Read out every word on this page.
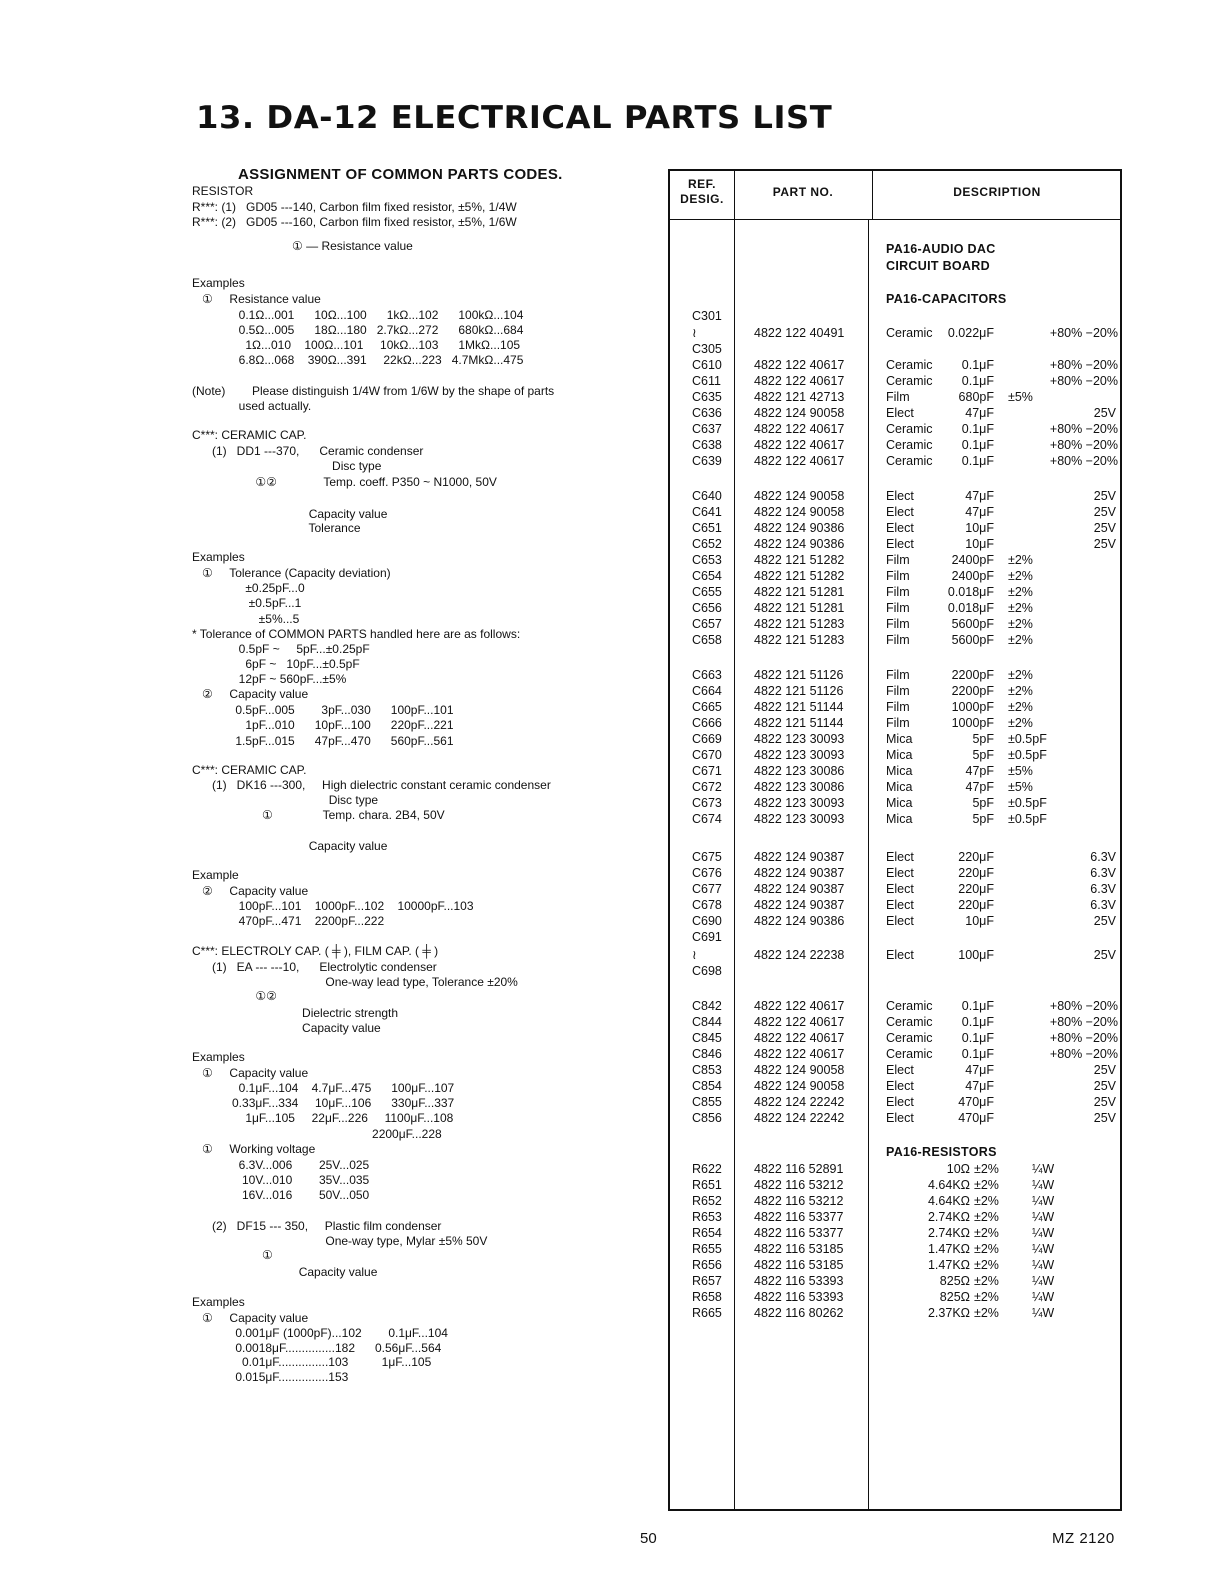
13. DA-12 ELECTRICAL PARTS LIST
ASSIGNMENT OF COMMON PARTS CODES.
RESISTOR
R***: (1)   GD05 ---140, Carbon film fixed resistor, ±5%, 1/4W
R***: (2)   GD05 ---160, Carbon film fixed resistor, ±5%, 1/6W
① — Resistance value
Examples
①     Resistance value
0.1Ω...001      10Ω...100      1kΩ...102      100kΩ...104
0.5Ω...005      18Ω...180   2.7kΩ...272      680kΩ...684
1Ω...010    100Ω...101     10kΩ...103      1MkΩ...105
6.8Ω...068    390Ω...391     22kΩ...223   4.7MkΩ...475
(Note)        Please distinguish 1/4W from 1/6W by the shape of parts
used actually.
C***: CERAMIC CAP.
(1)   DD1 ---370,      Ceramic condenser
Disc type
①②              Temp. coeff. P350 ~ N1000, 50V
Capacity value
Tolerance
Examples
①     Tolerance (Capacity deviation)
±0.25pF...0
±0.5pF...1
±5%...5
* Tolerance of COMMON PARTS handled here are as follows:
0.5pF ~     5pF...±0.25pF
6pF ~   10pF...±0.5pF
12pF ~ 560pF...±5%
②     Capacity value
0.5pF...005        3pF...030      100pF...101
1pF...010      10pF...100      220pF...221
1.5pF...015      47pF...470      560pF...561
C***: CERAMIC CAP.
(1)   DK16 ---300,     High dielectric constant ceramic condenser
Disc type
①               Temp. chara. 2B4, 50V
Capacity value
Example
②     Capacity value
100pF...101    1000pF...102    10000pF...103
470pF...471    2200pF...222
C***: ELECTROLY CAP. ( ╪ ), FILM CAP. ( ╪ )
(1)   EA --- ---10,      Electrolytic condenser
One-way lead type, Tolerance ±20%
①②
Dielectric strength
Capacity value
Examples
①     Capacity value
0.1μF...104    4.7μF...475      100μF...107
0.33μF...334     10μF...106      330μF...337
1μF...105     22μF...226     1100μF...108
2200μF...228
①     Working voltage
6.3V...006        25V...025
10V...010        35V...035
16V...016        50V...050
(2)   DF15 --- 350,     Plastic film condenser
One-way type, Mylar ±5% 50V
①
Capacity value
Examples
①     Capacity value
0.001μF (1000pF)...102        0.1μF...104
0.0018μF...............182      0.56μF...564
0.01μF...............103          1μF...105
0.015μF...............153
REF.
DESIG.	PART NO.	DESCRIPTION
PA16-AUDIO DAC
CIRCUIT BOARD
PA16-CAPACITORS
PA16-RESISTORS
C301
≀	4822 122 40491	Ceramic 0.022μF	+80% −20%
C305
C610	4822 122 40617	Ceramic 0.1μF	+80% −20%
C611	4822 122 40617	Ceramic 0.1μF	+80% −20%
C635	4822 121 42713	Film	680pF ±5%
C636	4822 124 90058	Elect	47μF	25V
C637	4822 122 40617	Ceramic 0.1μF	+80% −20%
C638	4822 122 40617	Ceramic 0.1μF	+80% −20%
C639	4822 122 40617	Ceramic 0.1μF	+80% −20%
C640	4822 124 90058	Elect	47μF	25V
C641	4822 124 90058	Elect	47μF	25V
C651	4822 124 90386	Elect	10μF	25V
C652	4822 124 90386	Elect	10μF	25V
C653	4822 121 51282	Film	2400pF ±2%
C654	4822 121 51282	Film	2400pF ±2%
C655	4822 121 51281	Film	0.018μF ±2%
C656	4822 121 51281	Film	0.018μF ±2%
C657	4822 121 51283	Film	5600pF ±2%
C658	4822 121 51283	Film	5600pF ±2%
C663	4822 121 51126	Film	2200pF ±2%
C664	4822 121 51126	Film	2200pF ±2%
C665	4822 121 51144	Film	1000pF ±2%
C666	4822 121 51144	Film	1000pF ±2%
C669	4822 123 30093	Mica	5pF ±0.5pF
C670	4822 123 30093	Mica	5pF ±0.5pF
C671	4822 123 30086	Mica	47pF ±5%
C672	4822 123 30086	Mica	47pF ±5%
C673	4822 123 30093	Mica	5pF ±0.5pF
C674	4822 123 30093	Mica	5pF ±0.5pF
C675	4822 124 90387	Elect	220μF	6.3V
C676	4822 124 90387	Elect	220μF	6.3V
C677	4822 124 90387	Elect	220μF	6.3V
C678	4822 124 90387	Elect	220μF	6.3V
C690	4822 124 90386	Elect	10μF	25V
C691
≀	4822 124 22238	Elect	100μF	25V
C698
C842	4822 122 40617	Ceramic 0.1μF	+80% −20%
C844	4822 122 40617	Ceramic 0.1μF	+80% −20%
C845	4822 122 40617	Ceramic 0.1μF	+80% −20%
C846	4822 122 40617	Ceramic 0.1μF	+80% −20%
C853	4822 124 90058	Elect	47μF	25V
C854	4822 124 90058	Elect	47μF	25V
C855	4822 124 22242	Elect	470μF	25V
C856	4822 124 22242	Elect	470μF	25V
R622	4822 116 52891	10Ω ±2%	¼W
R651	4822 116 53212	4.64KΩ ±2%	¼W
R652	4822 116 53212	4.64KΩ ±2%	¼W
R653	4822 116 53377	2.74KΩ ±2%	¼W
R654	4822 116 53377	2.74KΩ ±2%	¼W
R655	4822 116 53185	1.47KΩ ±2%	¼W
R656	4822 116 53185	1.47KΩ ±2%	¼W
R657	4822 116 53393	825Ω ±2%	¼W
R658	4822 116 53393	825Ω ±2%	¼W
R665	4822 116 80262	2.37KΩ ±2%	¼W
50	MZ 2120
